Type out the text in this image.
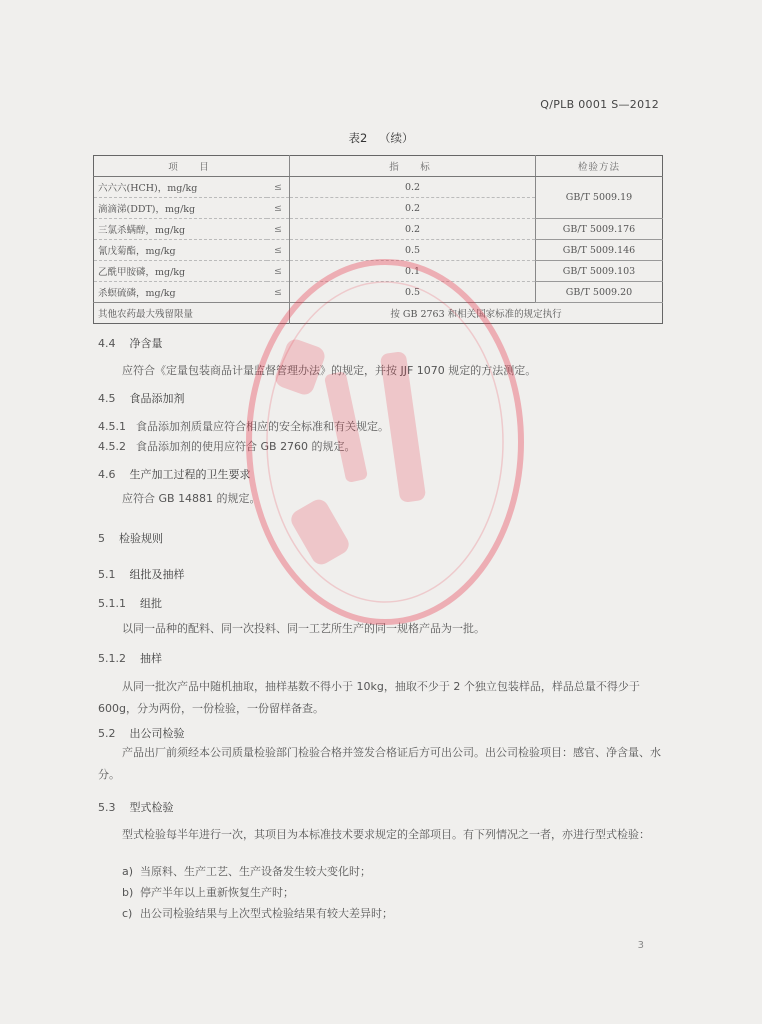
Q/PLB 0001 S—2012
表2 （续）
项　目		指　标	检验方法
六六六(HCH)，mg/kg	≤	0.2	GB/T 5009.19
滴滴涕(DDT)，mg/kg	≤	0.2	
三氯杀螨醇，mg/kg	≤	0.2	GB/T 5009.176
氰戊菊酯，mg/kg	≤	0.5	GB/T 5009.146
乙酰甲胺磷，mg/kg	≤	0.1	GB/T 5009.103
杀螟硫磷，mg/kg	≤	0.5	GB/T 5009.20
其他农药最大残留限量		按 GB 2763 和相关国家标准的规定执行	
4.4 净含量
应符合《定量包装商品计量监督管理办法》的规定，并按 JJF 1070 规定的方法测定。
4.5 食品添加剂
4.5.1 食品添加剂质量应符合相应的安全标准和有关规定。
4.5.2 食品添加剂的使用应符合 GB 2760 的规定。
4.6 生产加工过程的卫生要求
应符合 GB 14881 的规定。
5 检验规则
5.1 组批及抽样
5.1.1 组批
以同一品种的配料、同一次投料、同一工艺所生产的同一规格产品为一批。
5.1.2 抽样
从同一批次产品中随机抽取，抽样基数不得小于 10kg，抽取不少于 2 个独立包装样品，样品总量不得少于 600g，分为两份，一份检验，一份留样备查。
5.2 出公司检验
产品出厂前须经本公司质量检验部门检验合格并签发合格证后方可出公司。出公司检验项目：感官、净含量、水分。
5.3 型式检验
型式检验每半年进行一次，其项目为本标准技术要求规定的全部项目。有下列情况之一者，亦进行型式检验：
a) 当原料、生产工艺、生产设备发生较大变化时；
b) 停产半年以上重新恢复生产时；
c) 出公司检验结果与上次型式检验结果有较大差异时；
3
